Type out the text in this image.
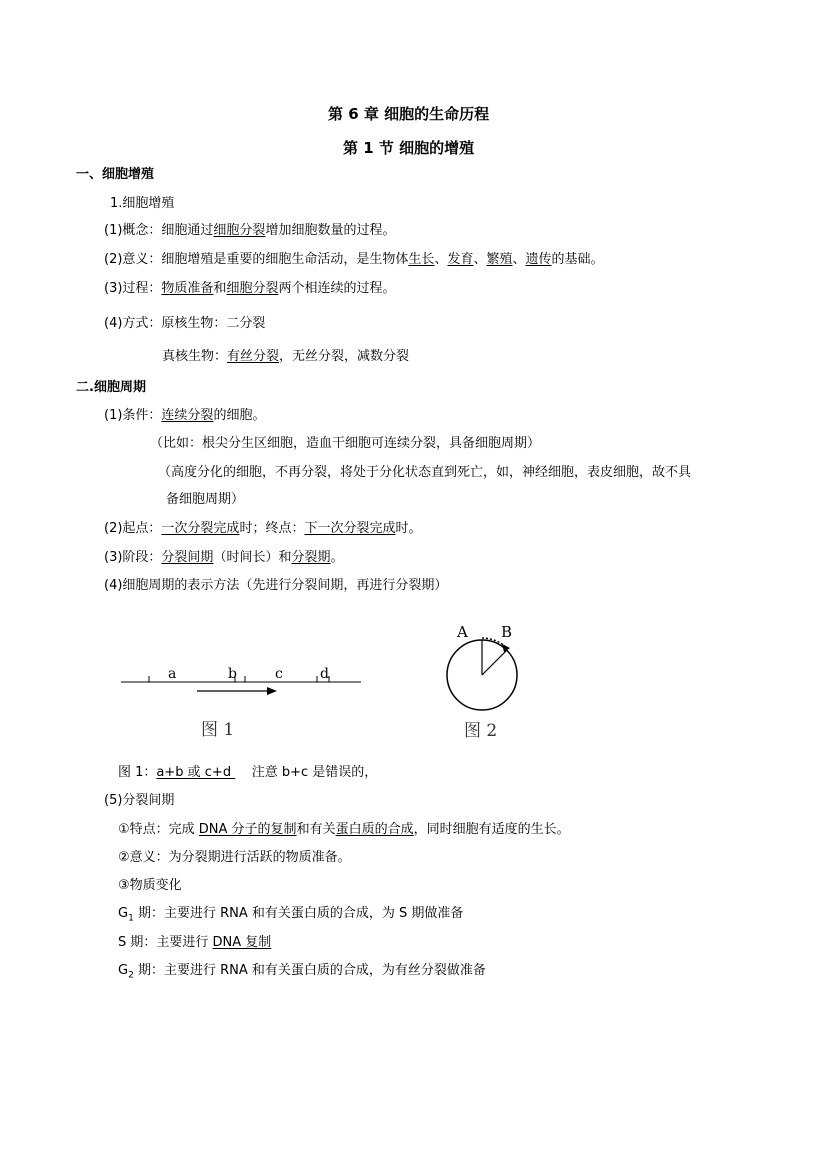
第 6 章 细胞的生命历程
第 1 节 细胞的增殖
一、细胞增殖
1.细胞增殖
(1)概念：细胞通过细胞分裂增加细胞数量的过程。
(2)意义：细胞增殖是重要的细胞生命活动，是生物体生长、发育、繁殖、遗传的基础。
(3)过程：物质准备和细胞分裂两个相连续的过程。
(4)方式：原核生物：二分裂
真核生物：有丝分裂，无丝分裂，减数分裂
二.细胞周期
(1)条件：连续分裂的细胞。
（比如：根尖分生区细胞，造血干细胞可连续分裂，具备细胞周期）
（高度分化的细胞，不再分裂，将处于分化状态直到死亡，如，神经细胞，表皮细胞，故不具
备细胞周期）
(2)起点：一次分裂完成时；终点：下一次分裂完成时。
(3)阶段：分裂间期（时间长）和分裂期。
(4)细胞周期的表示方法（先进行分裂间期，再进行分裂期）
a	b	c	d
图 1
A B
图 2
图 1：a+b 或 c+d     注意 b+c 是错误的，
(5)分裂间期
①特点：完成 DNA 分子的复制和有关蛋白质的合成，同时细胞有适度的生长。
②意义：为分裂期进行活跃的物质准备。
③物质变化
$G_1$ 期：主要进行 RNA 和有关蛋白质的合成，为 S 期做准备
S 期：主要进行 DNA 复制
$G_2$ 期：主要进行 RNA 和有关蛋白质的合成，为有丝分裂做准备
